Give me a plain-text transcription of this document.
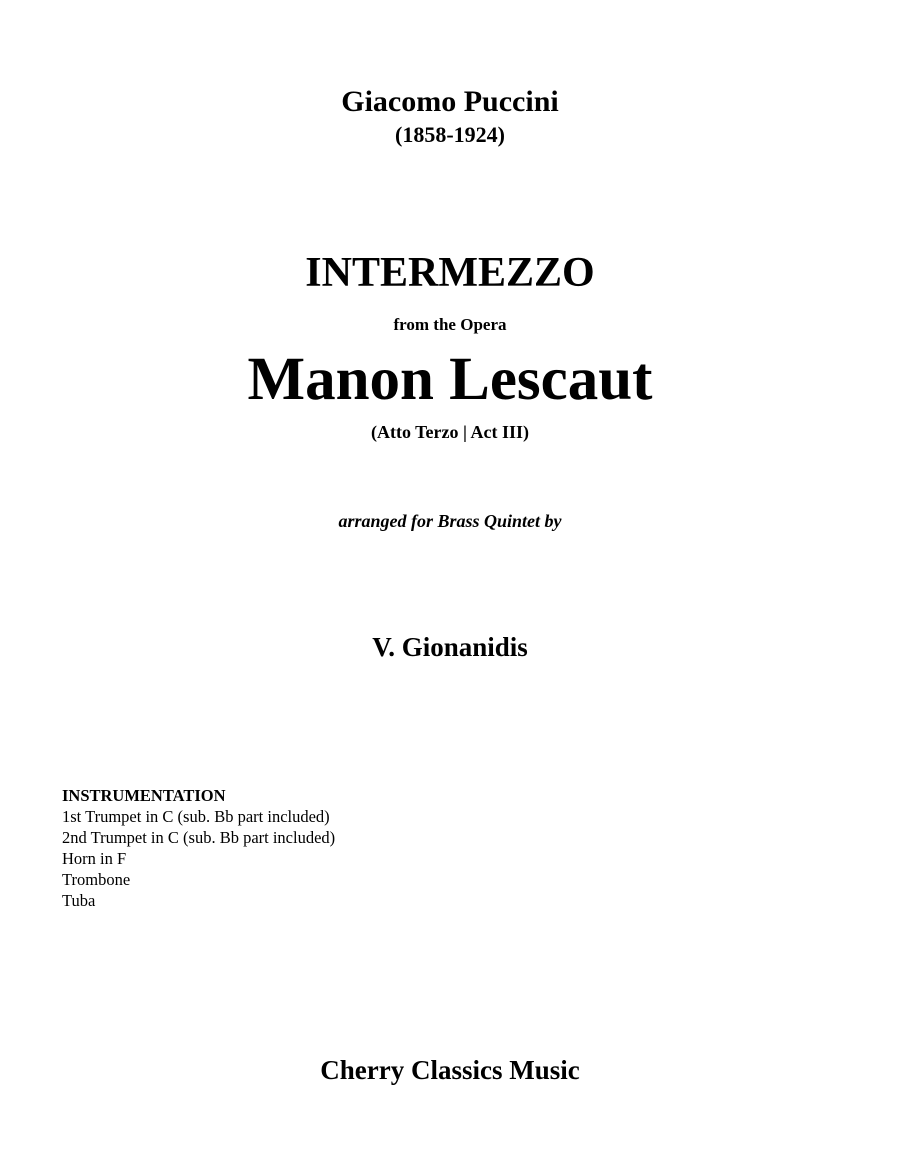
Giacomo Puccini
(1858-1924)
INTERMEZZO
from the Opera
Manon Lescaut
(Atto Terzo | Act III)
arranged for Brass Quintet by
V. Gionanidis
INSTRUMENTATION
1st Trumpet in C (sub. Bb part included)
2nd Trumpet in C (sub. Bb part included)
Horn in F
Trombone
Tuba
Cherry Classics Music
